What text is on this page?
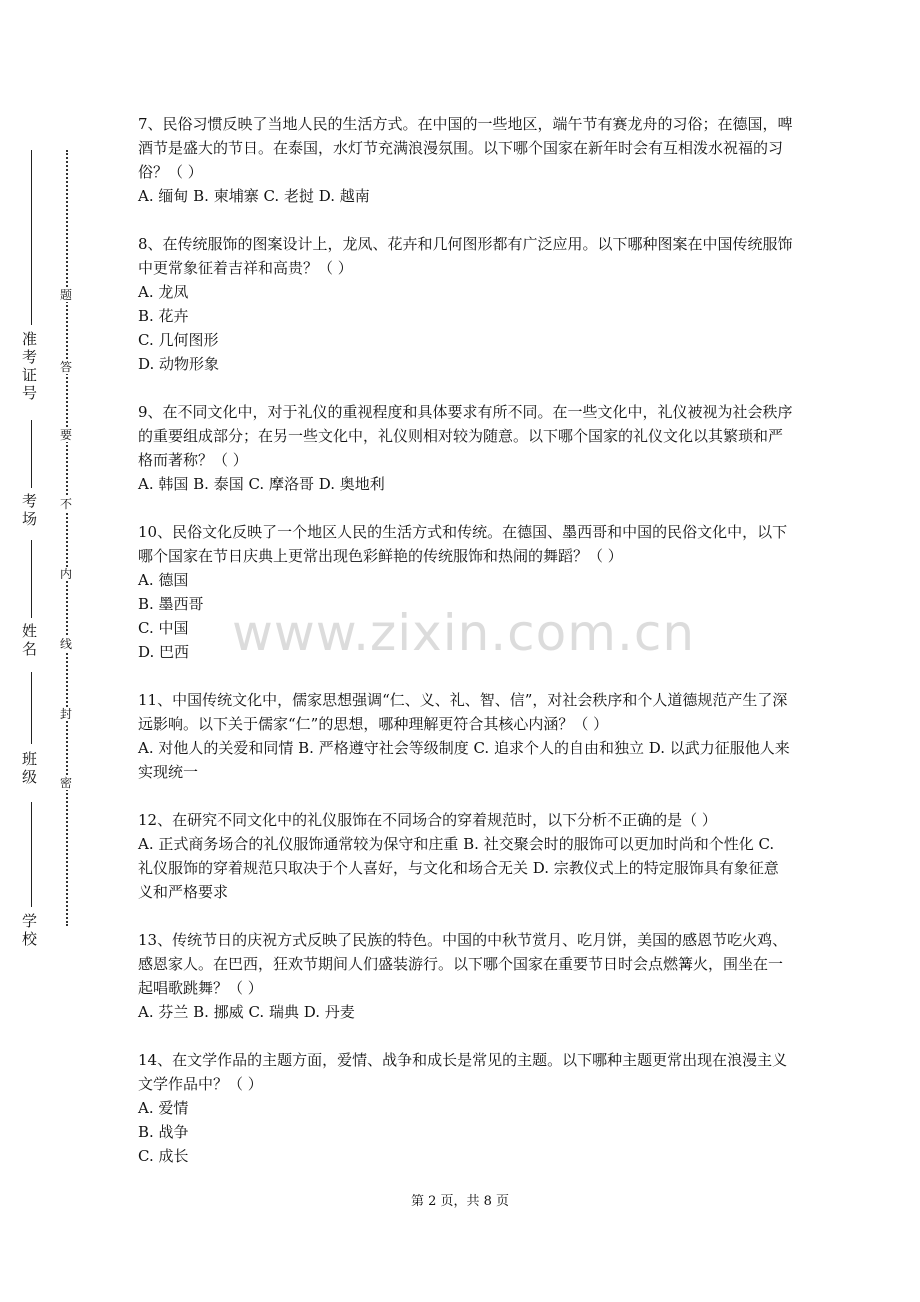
准考证号
考场
姓名
班级
学校
题
答
要
不
内
线
封
密

7、民俗习惯反映了当地人民的生活方式。在中国的一些地区，端午节有赛龙舟的习俗；在德国，啤酒节是盛大的节日。在泰国，水灯节充满浪漫氛围。以下哪个国家在新年时会有互相泼水祝福的习俗？（ ）

A. 缅甸 B. 柬埔寨 C. 老挝 D. 越南

8、在传统服饰的图案设计上，龙凤、花卉和几何图形都有广泛应用。以下哪种图案在中国传统服饰中更常象征着吉祥和高贵？（ ）

A. 龙凤

B. 花卉

C. 几何图形

D. 动物形象

9、在不同文化中，对于礼仪的重视程度和具体要求有所不同。在一些文化中，礼仪被视为社会秩序的重要组成部分；在另一些文化中，礼仪则相对较为随意。以下哪个国家的礼仪文化以其繁琐和严格而著称？（ ）

A. 韩国 B. 泰国 C. 摩洛哥 D. 奥地利

10、民俗文化反映了一个地区人民的生活方式和传统。在德国、墨西哥和中国的民俗文化中，以下哪个国家在节日庆典上更常出现色彩鲜艳的传统服饰和热闹的舞蹈？（ ）

A. 德国

B. 墨西哥

C. 中国

D. 巴西

11、中国传统文化中，儒家思想强调“仁、义、礼、智、信”，对社会秩序和个人道德规范产生了深远影响。以下关于儒家“仁”的思想，哪种理解更符合其核心内涵？（ ）

A. 对他人的关爱和同情 B. 严格遵守社会等级制度 C. 追求个人的自由和独立 D. 以武力征服他人来实现统一

12、在研究不同文化中的礼仪服饰在不同场合的穿着规范时，以下分析不正确的是（ ）

A. 正式商务场合的礼仪服饰通常较为保守和庄重 B. 社交聚会时的服饰可以更加时尚和个性化 C. 礼仪服饰的穿着规范只取决于个人喜好，与文化和场合无关 D. 宗教仪式上的特定服饰具有象征意义和严格要求

13、传统节日的庆祝方式反映了民族的特色。中国的中秋节赏月、吃月饼，美国的感恩节吃火鸡、感恩家人。在巴西，狂欢节期间人们盛装游行。以下哪个国家在重要节日时会点燃篝火，围坐在一起唱歌跳舞？（ ）

A. 芬兰 B. 挪威 C. 瑞典 D. 丹麦

14、在文学作品的主题方面，爱情、战争和成长是常见的主题。以下哪种主题更常出现在浪漫主义文学作品中？（ ）

A. 爱情

B. 战争

C. 成长

www.zixin.com.cn
第 2 页，共 8 页
